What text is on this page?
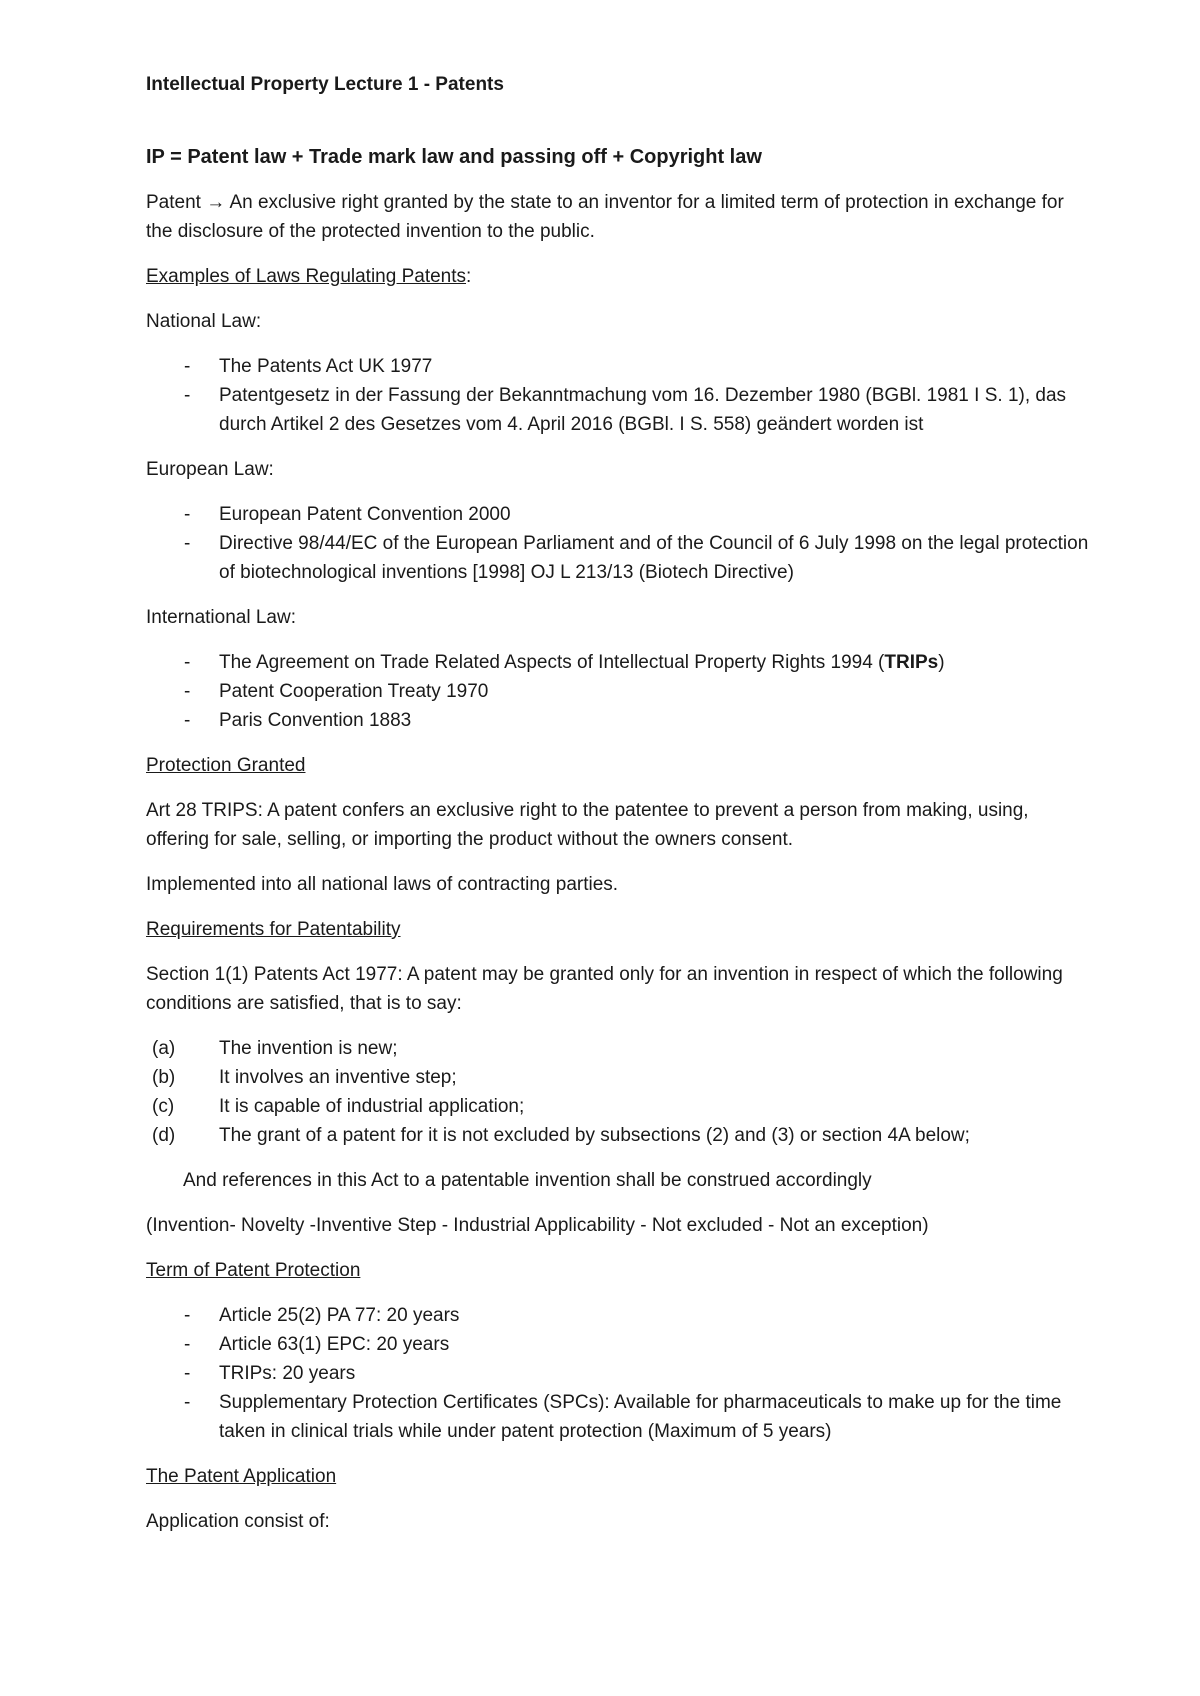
Intellectual Property Lecture 1 - Patents
IP = Patent law + Trade mark law and passing off + Copyright law

Patent → An exclusive right granted by the state to an inventor for a limited term of protection in exchange for the disclosure of the protected invention to the public.

Examples of Laws Regulating Patents:

National Law:

- The Patents Act UK 1977
- Patentgesetz in der Fassung der Bekanntmachung vom 16. Dezember 1980 (BGBl. 1981 I S. 1), das durch Artikel 2 des Gesetzes vom 4. April 2016 (BGBl. I S. 558) geändert worden ist

European Law:

- European Patent Convention 2000
- Directive 98/44/EC of the European Parliament and of the Council of 6 July 1998 on the legal protection of biotechnological inventions [1998] OJ L 213/13 (Biotech Directive)

International Law:

- The Agreement on Trade Related Aspects of Intellectual Property Rights 1994 (TRIPs)
- Patent Cooperation Treaty 1970
- Paris Convention 1883

Protection Granted

Art 28 TRIPS: A patent confers an exclusive right to the patentee to prevent a person from making, using, offering for sale, selling, or importing the product without the owners consent.

Implemented into all national laws of contracting parties.

Requirements for Patentability

Section 1(1) Patents Act 1977: A patent may be granted only for an invention in respect of which the following conditions are satisfied, that is to say:

(a) The invention is new;
(b) It involves an inventive step;
(c) It is capable of industrial application;
(d) The grant of a patent for it is not excluded by subsections (2) and (3) or section 4A below;

And references in this Act to a patentable invention shall be construed accordingly

(Invention- Novelty -Inventive Step - Industrial Applicability - Not excluded - Not an exception)

Term of Patent Protection

- Article 25(2) PA 77: 20 years
- Article 63(1) EPC: 20 years
- TRIPs: 20 years
- Supplementary Protection Certificates (SPCs): Available for pharmaceuticals to make up for the time taken in clinical trials while under patent protection (Maximum of 5 years)

The Patent Application

Application consist of:
